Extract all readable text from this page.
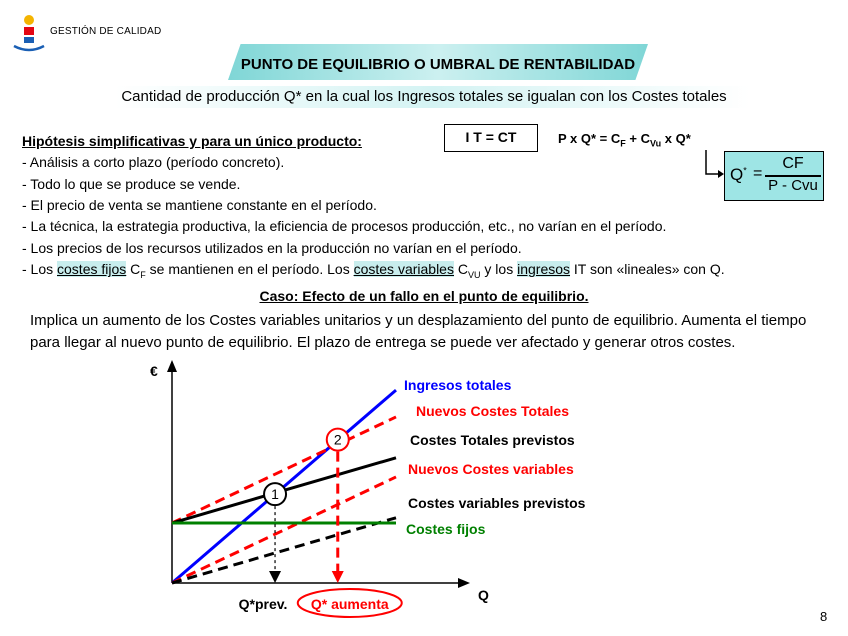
GESTIÓN DE CALIDAD
PUNTO DE EQUILIBRIO O UMBRAL DE RENTABILIDAD
Cantidad de producción Q* en la cual los Ingresos totales se igualan con los Costes totales
Hipótesis simplificativas y para un único producto:
- Análisis a corto plazo (período concreto).
- Todo lo que se produce se vende.
- El precio de venta se mantiene constante en el período.
- La técnica, la estrategia productiva, la eficiencia de procesos producción, etc., no varían en el período.
- Los precios de los recursos utilizados en la producción no varían en el período.
- Los costes fijos $C_F$ se mantienen en el período. Los costes variables $C_{VU}$ y los ingresos IT son «lineales» con Q.
I T = CT	P x $Q* = C_F + C_{Vu}$ x Q*
Q* =
CF
P - Cvu
Caso: Efecto de un fallo en el punto de equilibrio.
Implica un aumento de los Costes variables unitarios y un desplazamiento del punto de equilibrio. Aumenta el tiempo para llegar al nuevo punto de equilibrio. El plazo de entrega se puede ver afectado y generar otros costes.
€
Q
Ingresos totales
Nuevos Costes Totales
Costes Totales previstos
Nuevos Costes variables
Costes variables previstos
Costes fijos
1
2
Q*prev. Q* aumenta
8
